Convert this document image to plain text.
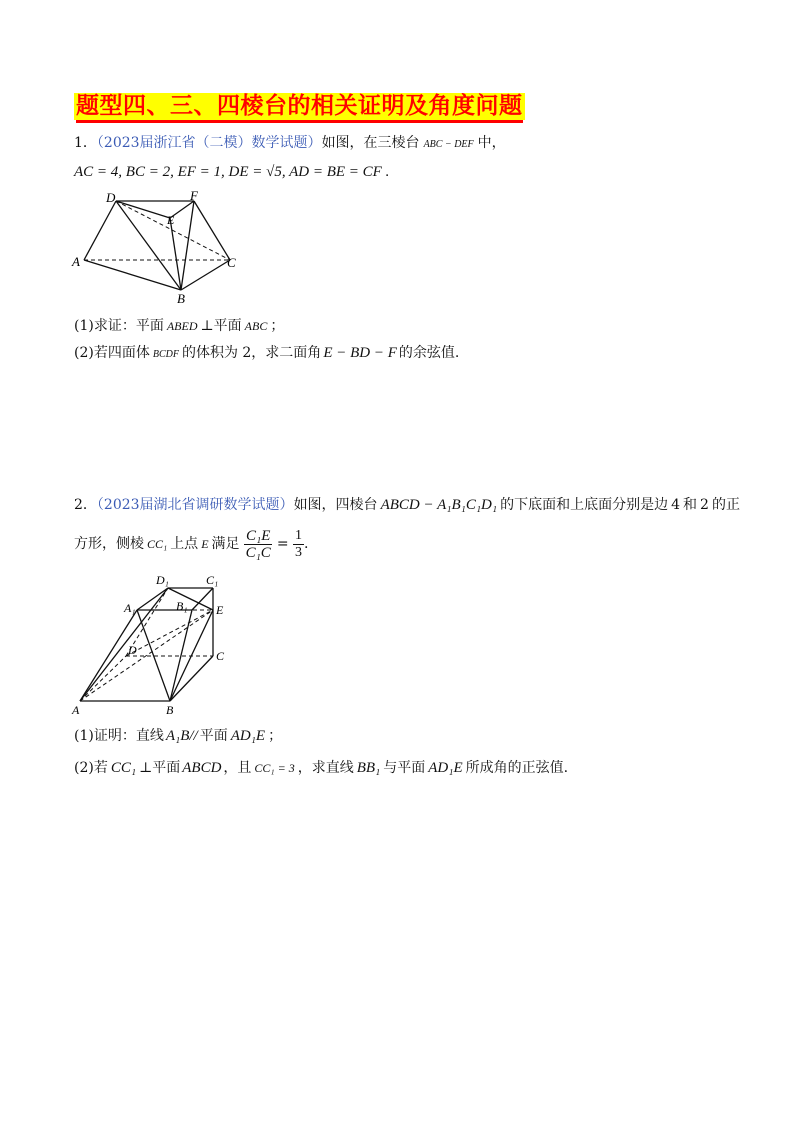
题型四、三、四棱台的相关证明及角度问题
1．（2023届浙江省（二模）数学试题）如图，在三棱台 ABC − DEF 中，
AC = 4, BC = 2, EF = 1, DE = √5, AD = BE = CF .
D	F
E
A	C
B
(1)求证：平面 ABED ⊥平面 ABC ；
(2)若四面体 BCDF 的体积为 2，求二面角 E − BD − F 的余弦值.
2．（2023届湖北省调研数学试题）如图，四棱台 ABCD − A₁B₁C₁D₁ 的下底面和上底面分别是边 4 和 2 的正
方形，侧棱 CC₁ 上点 E 满足 $\frac{\text{C₁E}}{\text{C₁C}} = \frac{1}{3}$ .
D₁	C₁
A₁	B₁ E
D	C
A	B
(1)证明：直线 A₁B// 平面 AD₁E ；
(2)若 CC₁ ⊥平面 ABCD ，且 CC₁ = 3 ，求直线 BB₁ 与平面 AD₁E 所成角的正弦值.
